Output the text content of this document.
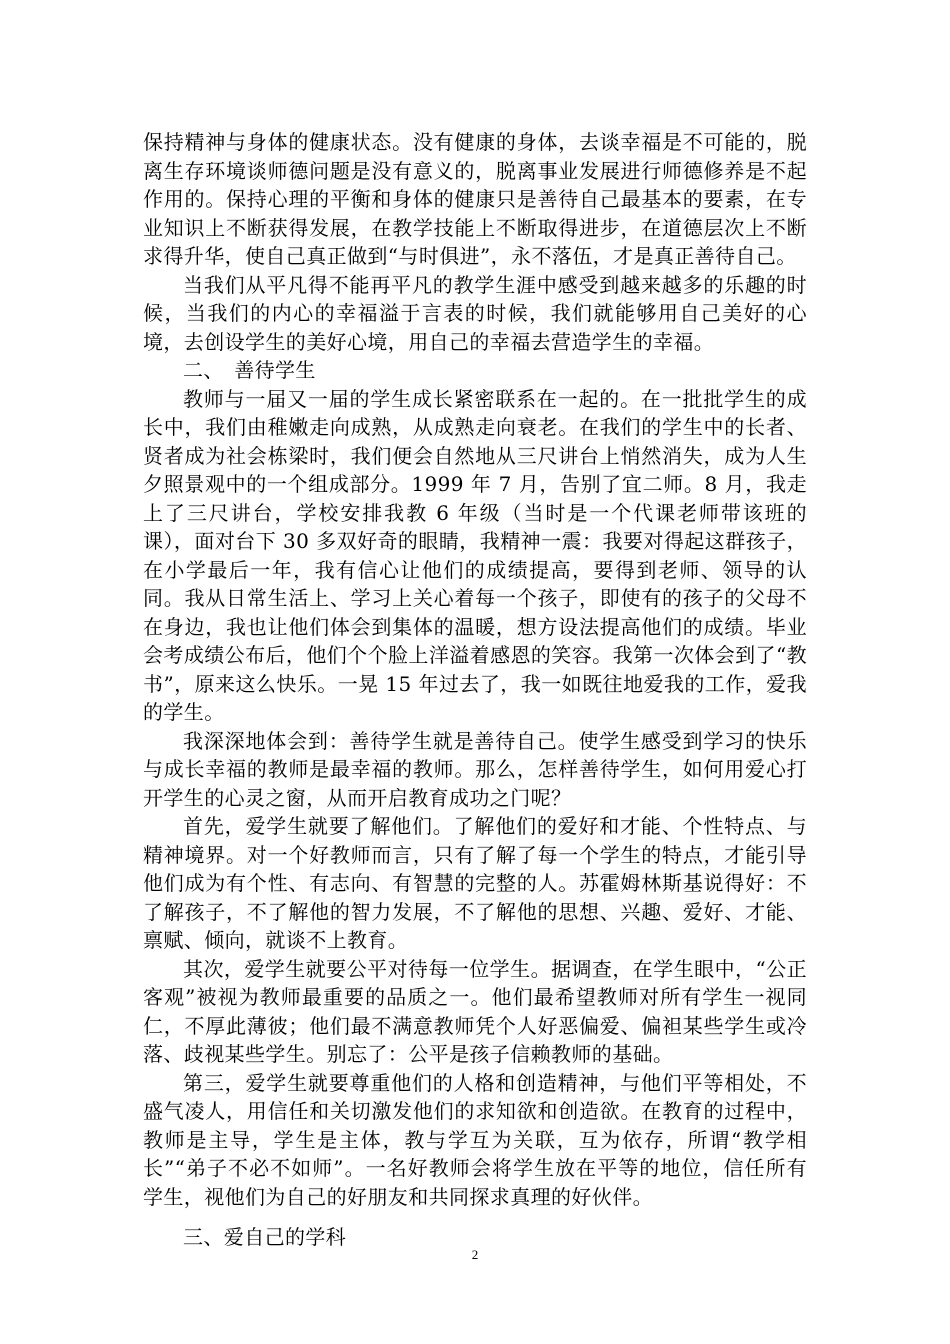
保持精神与身体的健康状态。没有健康的身体，去谈幸福是不可能的，脱离生存环境谈师德问题是没有意义的，脱离事业发展进行师德修养是不起作用的。保持心理的平衡和身体的健康只是善待自己最基本的要素，在专业知识上不断获得发展，在教学技能上不断取得进步，在道德层次上不断求得升华，使自己真正做到“与时俱进”，永不落伍，才是真正善待自己。

当我们从平凡得不能再平凡的教学生涯中感受到越来越多的乐趣的时候，当我们的内心的幸福溢于言表的时候，我们就能够用自己美好的心境，去创设学生的美好心境，用自己的幸福去营造学生的幸福。

二、　善待学生

教师与一届又一届的学生成长紧密联系在一起的。在一批批学生的成长中，我们由稚嫩走向成熟，从成熟走向衰老。在我们的学生中的长者、贤者成为社会栋梁时，我们便会自然地从三尺讲台上悄然消失，成为人生夕照景观中的一个组成部分。1999 年 7 月，告别了宜二师。8 月，我走上了三尺讲台，学校安排我教 6 年级（当时是一个代课老师带该班的课），面对台下 30 多双好奇的眼睛，我精神一震：我要对得起这群孩子，在小学最后一年，我有信心让他们的成绩提高，要得到老师、领导的认同。我从日常生活上、学习上关心着每一个孩子，即使有的孩子的父母不在身边，我也让他们体会到集体的温暖，想方设法提高他们的成绩。毕业会考成绩公布后，他们个个脸上洋溢着感恩的笑容。我第一次体会到了“教书”，原来这么快乐。一晃 15 年过去了，我一如既往地爱我的工作，爱我的学生。

我深深地体会到：善待学生就是善待自己。使学生感受到学习的快乐与成长幸福的教师是最幸福的教师。那么，怎样善待学生，如何用爱心打开学生的心灵之窗，从而开启教育成功之门呢？

首先，爱学生就要了解他们。了解他们的爱好和才能、个性特点、与精神境界。对一个好教师而言，只有了解了每一个学生的特点，才能引导他们成为有个性、有志向、有智慧的完整的人。苏霍姆林斯基说得好：不了解孩子，不了解他的智力发展，不了解他的思想、兴趣、爱好、才能、禀赋、倾向，就谈不上教育。

其次，爱学生就要公平对待每一位学生。据调查，在学生眼中，“公正客观”被视为教师最重要的品质之一。他们最希望教师对所有学生一视同仁，不厚此薄彼；他们最不满意教师凭个人好恶偏爱、偏袒某些学生或冷落、歧视某些学生。别忘了：公平是孩子信赖教师的基础。

第三，爱学生就要尊重他们的人格和创造精神，与他们平等相处，不盛气凌人，用信任和关切激发他们的求知欲和创造欲。在教育的过程中，教师是主导，学生是主体，教与学互为关联，互为依存，所谓“教学相长”“弟子不必不如师”。一名好教师会将学生放在平等的地位，信任所有学生，视他们为自己的好朋友和共同探求真理的好伙伴。

三、爱自己的学科

2
